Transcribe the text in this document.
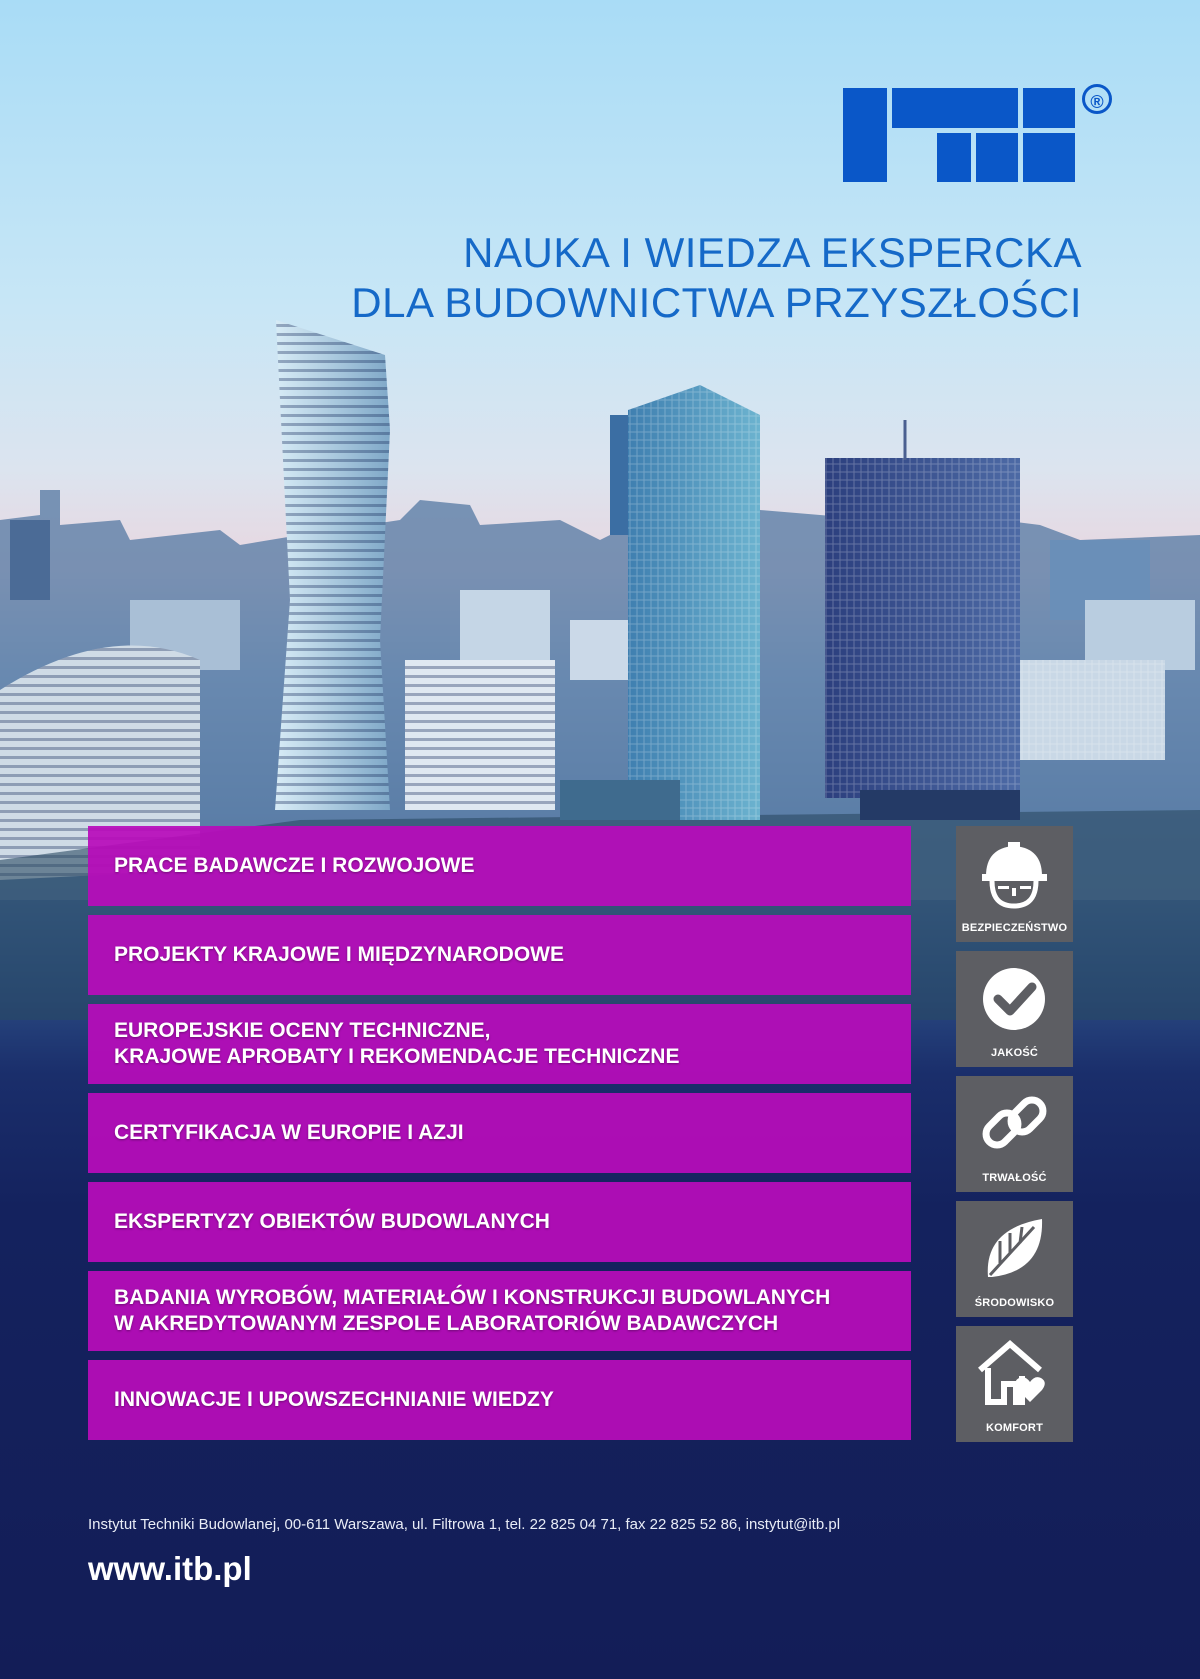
®
NAUKA I WIEDZA EKSPERCKA
DLA BUDOWNICTWA PRZYSZŁOŚCI
PRACE BADAWCZE I ROZWOJOWE
PROJEKTY KRAJOWE I MIĘDZYNARODOWE
EUROPEJSKIE OCENY TECHNICZNE,
KRAJOWE APROBATY I REKOMENDACJE TECHNICZNE
CERTYFIKACJA W EUROPIE I AZJI
EKSPERTYZY OBIEKTÓW BUDOWLANYCH
BADANIA WYROBÓW, MATERIAŁÓW I KONSTRUKCJI BUDOWLANYCH
W AKREDYTOWANYM ZESPOLE LABORATORIÓW BADAWCZYCH
INNOWACJE I UPOWSZECHNIANIE WIEDZY
BEZPIECZEŃSTWO
JAKOŚĆ
TRWAŁOŚĆ
ŚRODOWISKO
KOMFORT
Instytut Techniki Budowlanej, 00-611 Warszawa, ul. Filtrowa 1, tel. 22 825 04 71, fax 22 825 52 86, instytut@itb.pl
www.itb.pl
